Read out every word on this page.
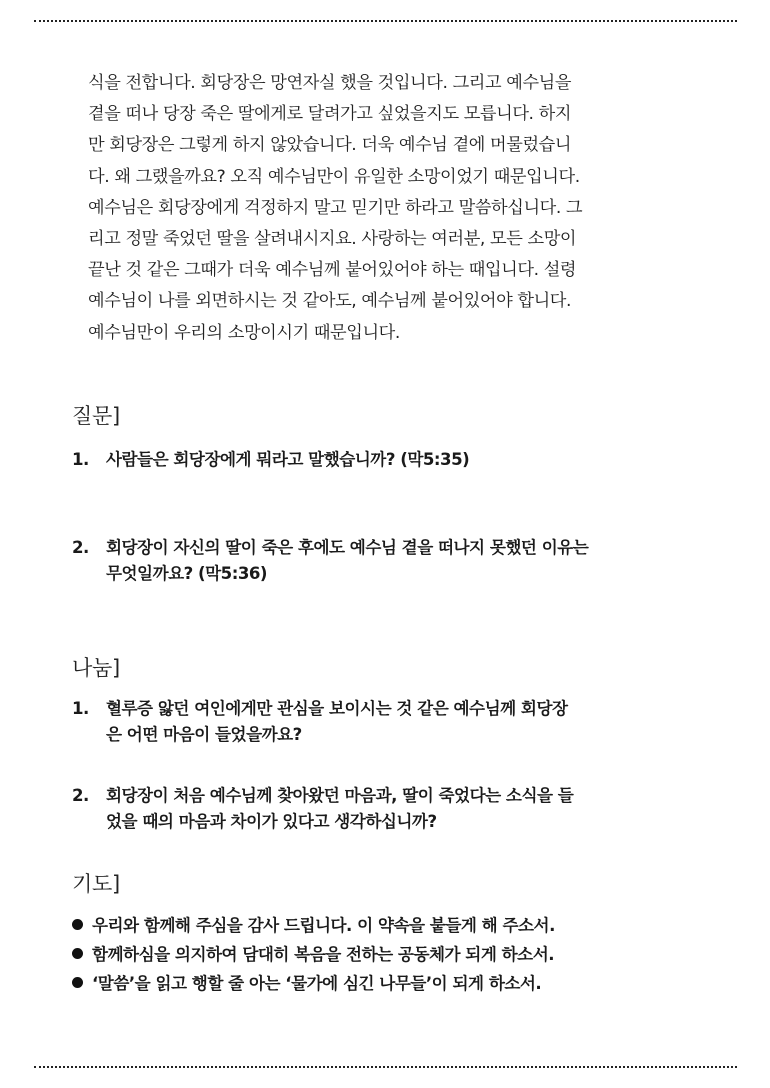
식을 전합니다. 회당장은 망연자실 했을 것입니다. 그리고 예수님을
곁을 떠나 당장 죽은 딸에게로 달려가고 싶었을지도 모릅니다. 하지
만 회당장은 그렇게 하지 않았습니다. 더욱 예수님 곁에 머물렀습니
다. 왜 그랬을까요? 오직 예수님만이 유일한 소망이었기 때문입니다.
예수님은 회당장에게 걱정하지 말고 믿기만 하라고 말씀하십니다. 그
리고 정말 죽었던 딸을 살려내시지요. 사랑하는 여러분, 모든 소망이
끝난 것 같은 그때가 더욱 예수님께 붙어있어야 하는 때입니다. 설령
예수님이 나를 외면하시는 것 같아도, 예수님께 붙어있어야 합니다.
예수님만이 우리의 소망이시기 때문입니다.
질문]
1. 사람들은 회당장에게 뭐라고 말했습니까? (막5:35)
2. 회당장이 자신의 딸이 죽은 후에도 예수님 곁을 떠나지 못했던 이유는
무엇일까요? (막5:36)
나눔]
1. 혈루증 앓던 여인에게만 관심을 보이시는 것 같은 예수님께 회당장
은 어떤 마음이 들었을까요?
2. 회당장이 처음 예수님께 찾아왔던 마음과, 딸이 죽었다는 소식을 들
었을 때의 마음과 차이가 있다고 생각하십니까?
기도]
우리와 함께해 주심을 감사 드립니다. 이 약속을 붙들게 해 주소서.
함께하심을 의지하여 담대히 복음을 전하는 공동체가 되게 하소서.
‘말씀’을 읽고 행할 줄 아는 ‘물가에 심긴 나무들’이 되게 하소서.
